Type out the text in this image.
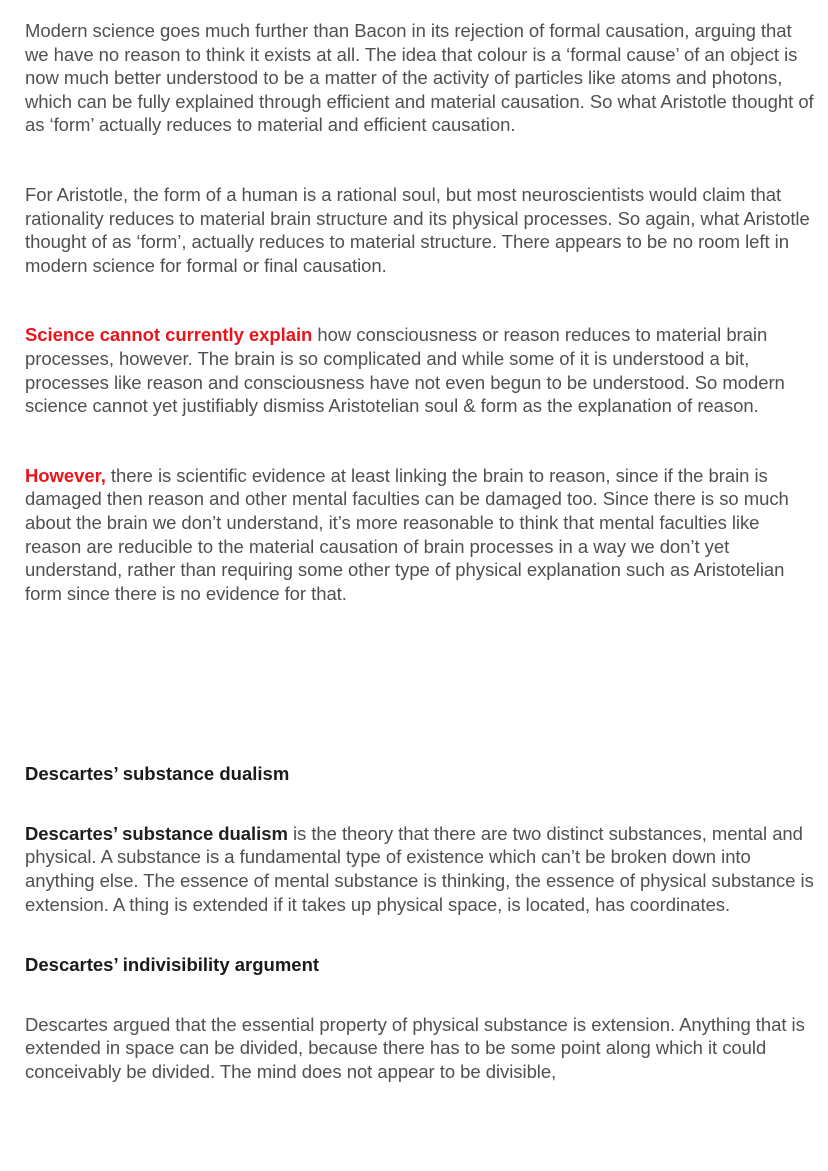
Modern science goes much further than Bacon in its rejection of formal causation, arguing that we have no reason to think it exists at all. The idea that colour is a ‘formal cause’ of an object is now much better understood to be a matter of the activity of particles like atoms and photons, which can be fully explained through efficient and material causation. So what Aristotle thought of as ‘form’ actually reduces to material and efficient causation.

For Aristotle, the form of a human is a rational soul, but most neuroscientists would claim that rationality reduces to material brain structure and its physical processes. So again, what Aristotle thought of as ‘form’, actually reduces to material structure. There appears to be no room left in modern science for formal or final causation.

Science cannot currently explain how consciousness or reason reduces to material brain processes, however. The brain is so complicated and while some of it is understood a bit, processes like reason and consciousness have not even begun to be understood. So modern science cannot yet justifiably dismiss Aristotelian soul & form as the explanation of reason.

However, there is scientific evidence at least linking the brain to reason, since if the brain is damaged then reason and other mental faculties can be damaged too. Since there is so much about the brain we don’t understand, it’s more reasonable to think that mental faculties like reason are reducible to the material causation of brain processes in a way we don’t yet understand, rather than requiring some other type of physical explanation such as Aristotelian form since there is no evidence for that.

Descartes’ substance dualism

Descartes’ substance dualism is the theory that there are two distinct substances, mental and physical. A substance is a fundamental type of existence which can’t be broken down into anything else. The essence of mental substance is thinking, the essence of physical substance is extension. A thing is extended if it takes up physical space, is located, has coordinates.

Descartes’ indivisibility argument

Descartes argued that the essential property of physical substance is extension. Anything that is extended in space can be divided, because there has to be some point along which it could conceivably be divided. The mind does not appear to be divisible,
